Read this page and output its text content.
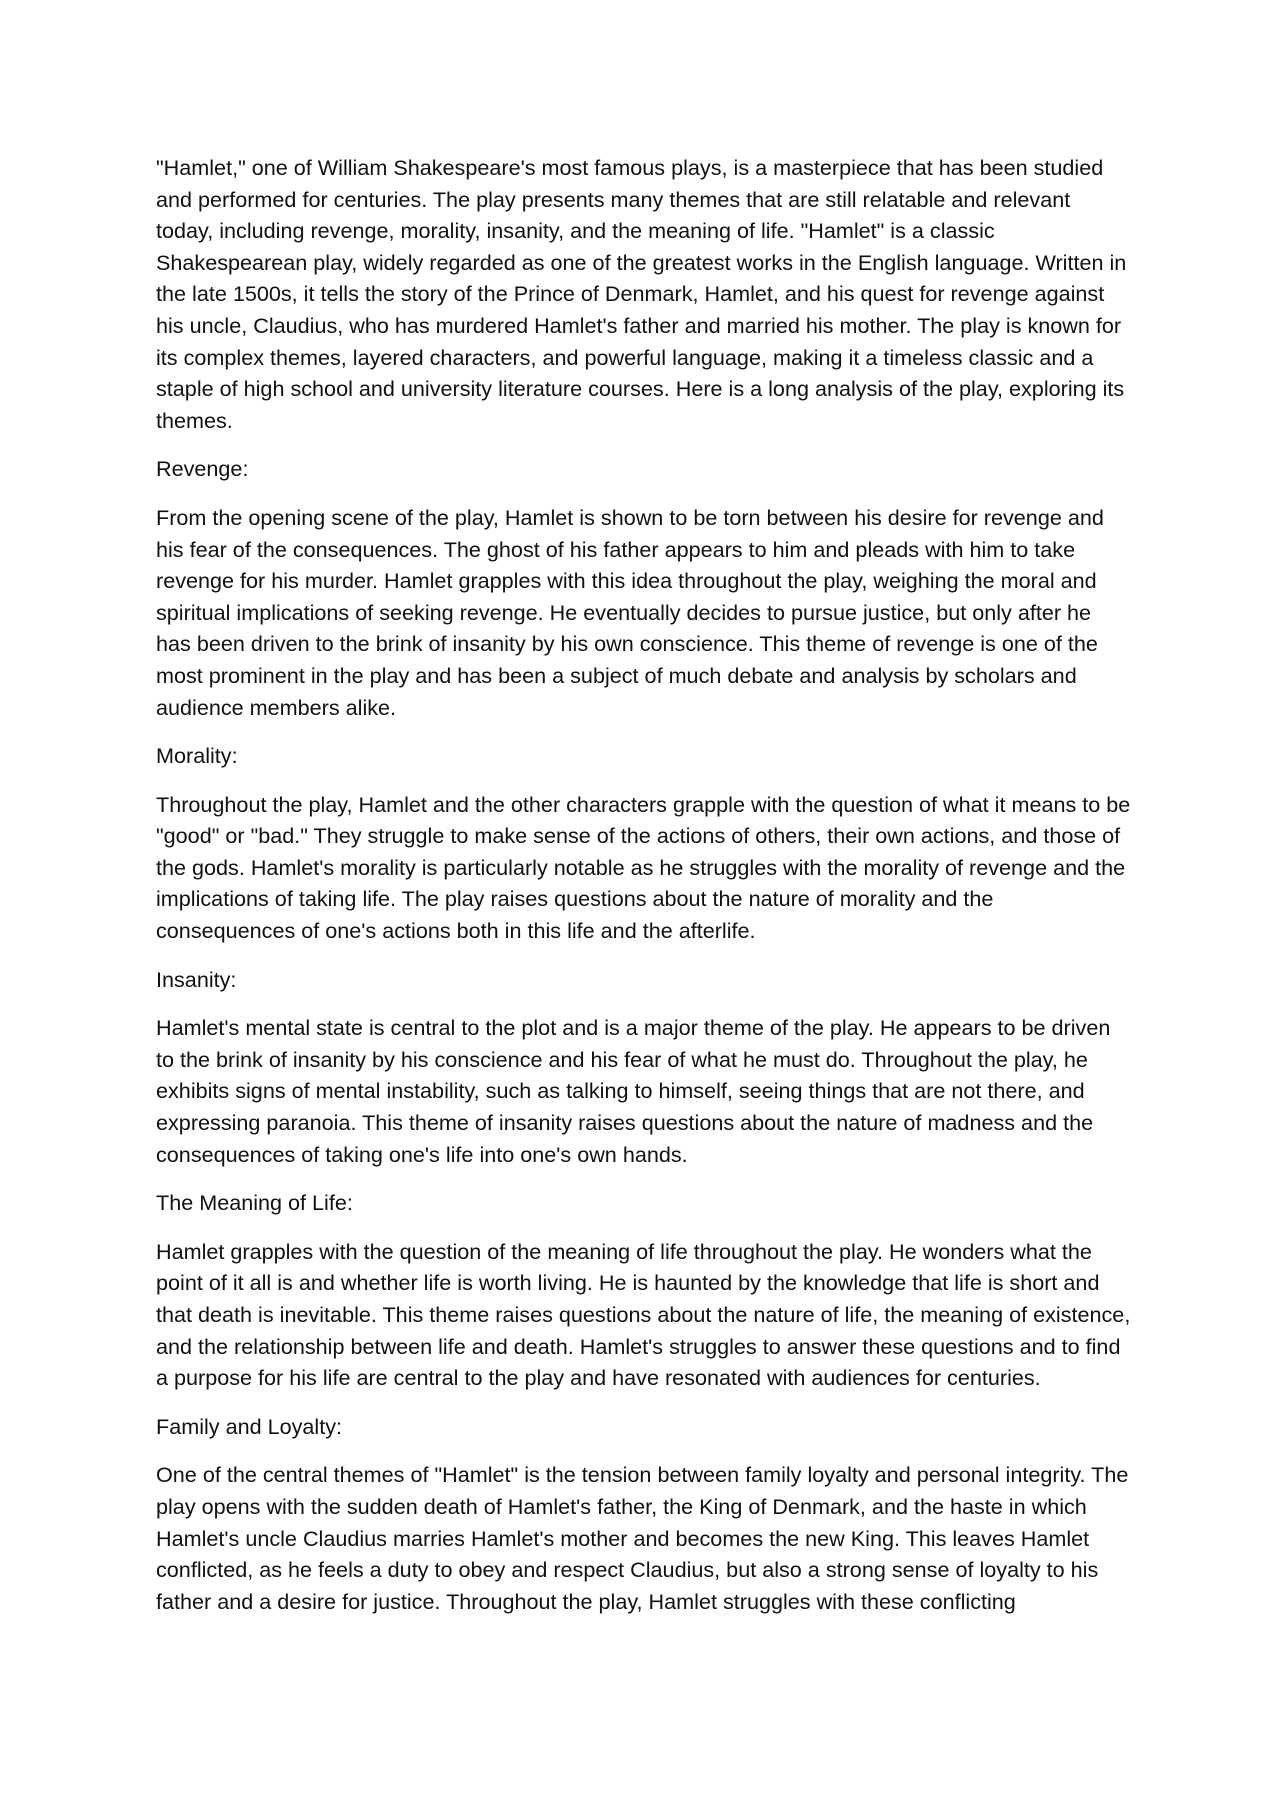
"Hamlet," one of William Shakespeare's most famous plays, is a masterpiece that has been studied and performed for centuries. The play presents many themes that are still relatable and relevant today, including revenge, morality, insanity, and the meaning of life. "Hamlet" is a classic Shakespearean play, widely regarded as one of the greatest works in the English language. Written in the late 1500s, it tells the story of the Prince of Denmark, Hamlet, and his quest for revenge against his uncle, Claudius, who has murdered Hamlet's father and married his mother. The play is known for its complex themes, layered characters, and powerful language, making it a timeless classic and a staple of high school and university literature courses. Here is a long analysis of the play, exploring its themes.

Revenge:

From the opening scene of the play, Hamlet is shown to be torn between his desire for revenge and his fear of the consequences. The ghost of his father appears to him and pleads with him to take revenge for his murder. Hamlet grapples with this idea throughout the play, weighing the moral and spiritual implications of seeking revenge. He eventually decides to pursue justice, but only after he has been driven to the brink of insanity by his own conscience. This theme of revenge is one of the most prominent in the play and has been a subject of much debate and analysis by scholars and audience members alike.

Morality:

Throughout the play, Hamlet and the other characters grapple with the question of what it means to be "good" or "bad." They struggle to make sense of the actions of others, their own actions, and those of the gods. Hamlet's morality is particularly notable as he struggles with the morality of revenge and the implications of taking life. The play raises questions about the nature of morality and the consequences of one's actions both in this life and the afterlife.

Insanity:

Hamlet's mental state is central to the plot and is a major theme of the play. He appears to be driven to the brink of insanity by his conscience and his fear of what he must do. Throughout the play, he exhibits signs of mental instability, such as talking to himself, seeing things that are not there, and expressing paranoia. This theme of insanity raises questions about the nature of madness and the consequences of taking one's life into one's own hands.

The Meaning of Life:

Hamlet grapples with the question of the meaning of life throughout the play. He wonders what the point of it all is and whether life is worth living. He is haunted by the knowledge that life is short and that death is inevitable. This theme raises questions about the nature of life, the meaning of existence, and the relationship between life and death. Hamlet's struggles to answer these questions and to find a purpose for his life are central to the play and have resonated with audiences for centuries.

Family and Loyalty:

One of the central themes of "Hamlet" is the tension between family loyalty and personal integrity. The play opens with the sudden death of Hamlet's father, the King of Denmark, and the haste in which Hamlet's uncle Claudius marries Hamlet's mother and becomes the new King. This leaves Hamlet conflicted, as he feels a duty to obey and respect Claudius, but also a strong sense of loyalty to his father and a desire for justice. Throughout the play, Hamlet struggles with these conflicting
